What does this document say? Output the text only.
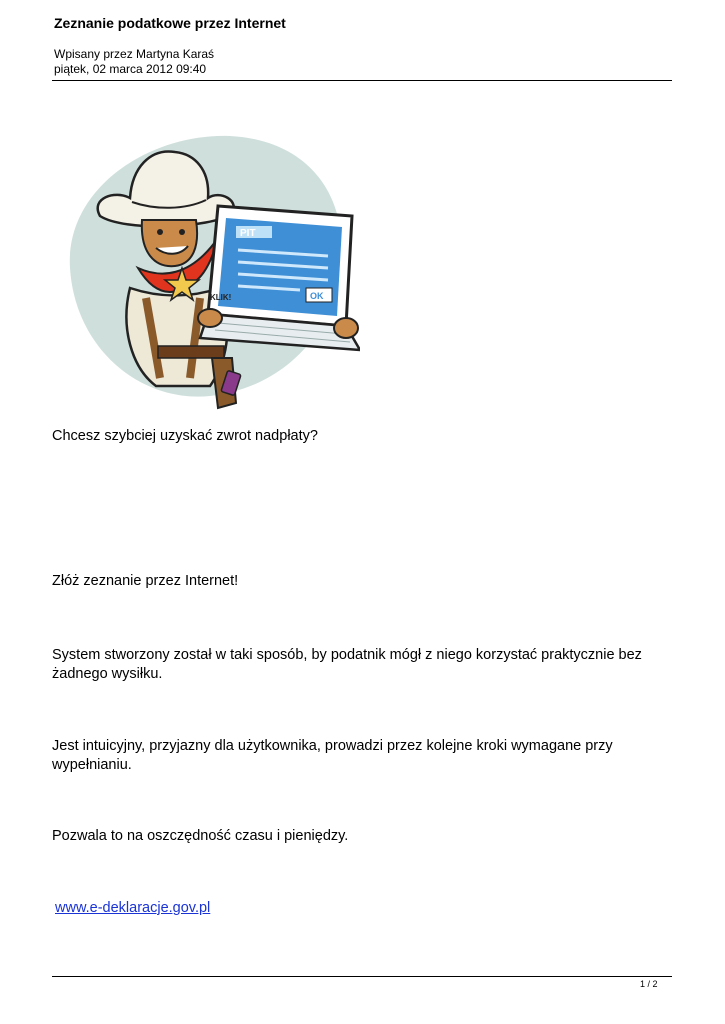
Zeznanie podatkowe przez Internet
Wpisany przez Martyna Karaś
piątek, 02 marca 2012 09:40
PIT
OK
KLIK!
Chcesz szybciej uzyskać zwrot nadpłaty?
Złóż zeznanie przez Internet!
System stworzony został w taki sposób, by podatnik mógł z niego korzystać praktycznie bez żadnego wysiłku.
Jest intuicyjny, przyjazny dla użytkownika, prowadzi przez kolejne kroki wymagane przy wypełnianiu.
Pozwala to na oszczędność czasu i pieniędzy.
www.e-deklaracje.gov.pl
1 / 2
